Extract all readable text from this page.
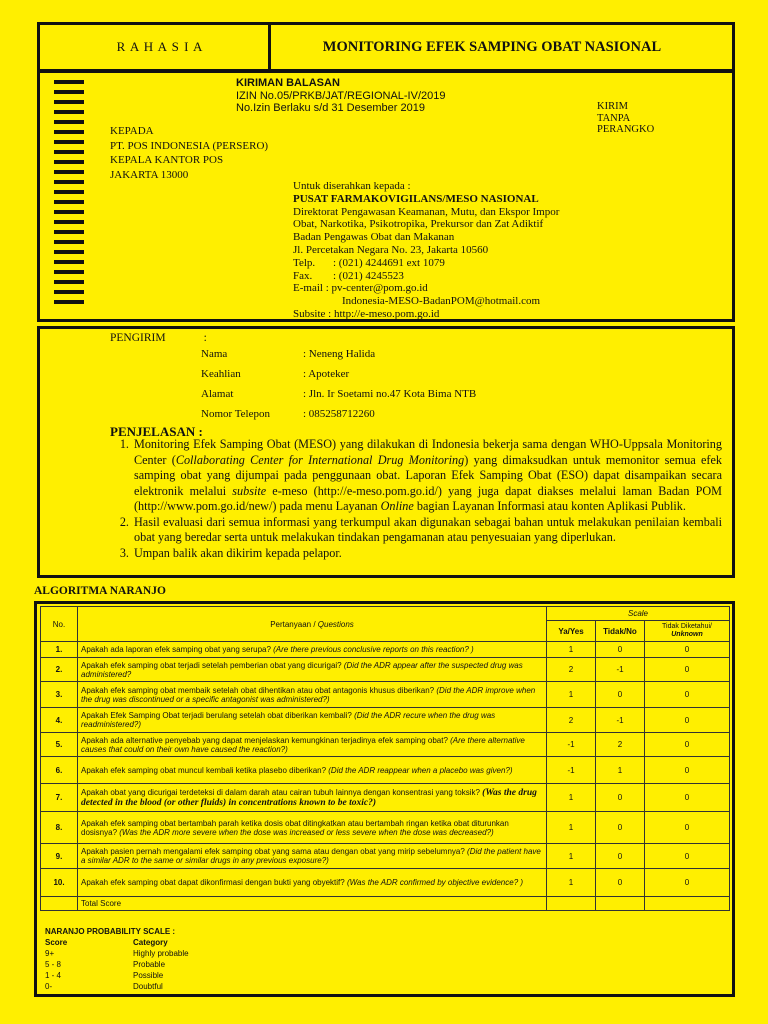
R A H A S I A	MONITORING EFEK SAMPING OBAT NASIONAL
KIRIMAN BALASAN
IZIN No.05/PRKB/JAT/REGIONAL-IV/2019
No.Izin Berlaku s/d 31 Desember 2019	KIRIM
TANPA
PERANGKO
KEPADA
PT. POS INDONESIA (PERSERO)
KEPALA KANTOR POS
JAKARTA 13000
Untuk diserahkan kepada :
PUSAT FARMAKOVIGILANS/MESO NASIONAL
Direktorat Pengawasan Keamanan, Mutu, dan Ekspor Impor
Obat, Narkotika, Psikotropika, Prekursor dan Zat Adiktif
Badan Pengawas Obat dan Makanan
Jl. Percetakan Negara No. 23, Jakarta 10560
Telp. : (021) 4244691 ext 1079
Fax. : (021) 4245523
E-mail : pv-center@pom.go.id
Indonesia-MESO-BadanPOM@hotmail.com
Subsite : http://e-meso.pom.go.id
PENGIRIM	:
Nama	: Neneng Halida
Keahlian	: Apoteker
Alamat	: Jln. Ir Soetami no.47 Kota Bima NTB
Nomor Telepon	: 085258712260
PENJELASAN :
1. Monitoring Efek Samping Obat (MESO) yang dilakukan di Indonesia bekerja sama dengan WHO-Uppsala Monitoring Center (Collaborating Center for International Drug Monitoring) yang dimaksudkan untuk memonitor semua efek samping obat yang dijumpai pada penggunaan obat. Laporan Efek Samping Obat (ESO) dapat disampaikan secara elektronik melalui subsite e-meso (http://e-meso.pom.go.id/) yang juga dapat diakses melalui laman Badan POM (http://www.pom.go.id/new/) pada menu Layanan Online bagian Layanan Informasi atau konten Aplikasi Publik.
2. Hasil evaluasi dari semua informasi yang terkumpul akan digunakan sebagai bahan untuk melakukan penilaian kembali obat yang beredar serta untuk melakukan tindakan pengamanan atau penyesuaian yang diperlukan.
3. Umpan balik akan dikirim kepada pelapor.
ALGORITMA NARANJO
No.	Pertanyaan / Questions	Scale		
		Ya/Yes	Tidak/No	Tidak Diketahui/
Unknown
1.	Apakah ada laporan efek samping obat yang serupa? (Are there previous conclusive reports on this reaction? )	1	0	0
2.	Apakah efek samping obat terjadi setelah pemberian obat yang dicurigai? (Did the ADR appear after the suspected drug was administered?	2	-1	0
3.	Apakah efek samping obat membaik setelah obat dihentikan atau obat antagonis khusus diberikan? (Did the ADR improve when the drug was discontinued or a specific antagonist was administered?)	1	0	0
4.	Apakah Efek Samping Obat terjadi berulang setelah obat diberikan kembali? (Did the ADR recure when the drug was readministered?)	2	-1	0
5.	Apakah ada alternative penyebab yang dapat menjelaskan kemungkinan terjadinya efek samping obat? (Are there alternative causes that could on their own have caused the reaction?)	-1	2	0
6.	Apakah efek samping obat muncul kembali ketika plasebo diberikan? (Did the ADR reappear when a placebo was given?)	-1	1	0
7.	Apakah obat yang dicurigai terdeteksi di dalam darah atau cairan tubuh lainnya dengan konsentrasi yang toksik? (Was the drug detected in the blood (or other fluids) in concentrations known to be toxic?)	1	0	0
8.	Apakah efek samping obat bertambah parah ketika dosis obat ditingkatkan atau bertambah ringan ketika obat diturunkan dosisnya? (Was the ADR more severe when the dose was increased or less severe when the dose was decreased?)	1	0	0
9.	Apakah pasien pernah mengalami efek samping obat yang sama atau dengan obat yang mirip sebelumnya? (Did the patient have a similar ADR to the same or similar drugs in any previous exposure?)	1	0	0
10.	Apakah efek samping obat dapat dikonfirmasi dengan bukti yang obyektif? (Was the ADR confirmed by objective evidence? )	1	0	0
	Total Score			
NARANJO PROBABILITY SCALE :
Score	Category
9+	Highly probable
5 - 8	Probable
1 - 4	Possible
0-	Doubtful
